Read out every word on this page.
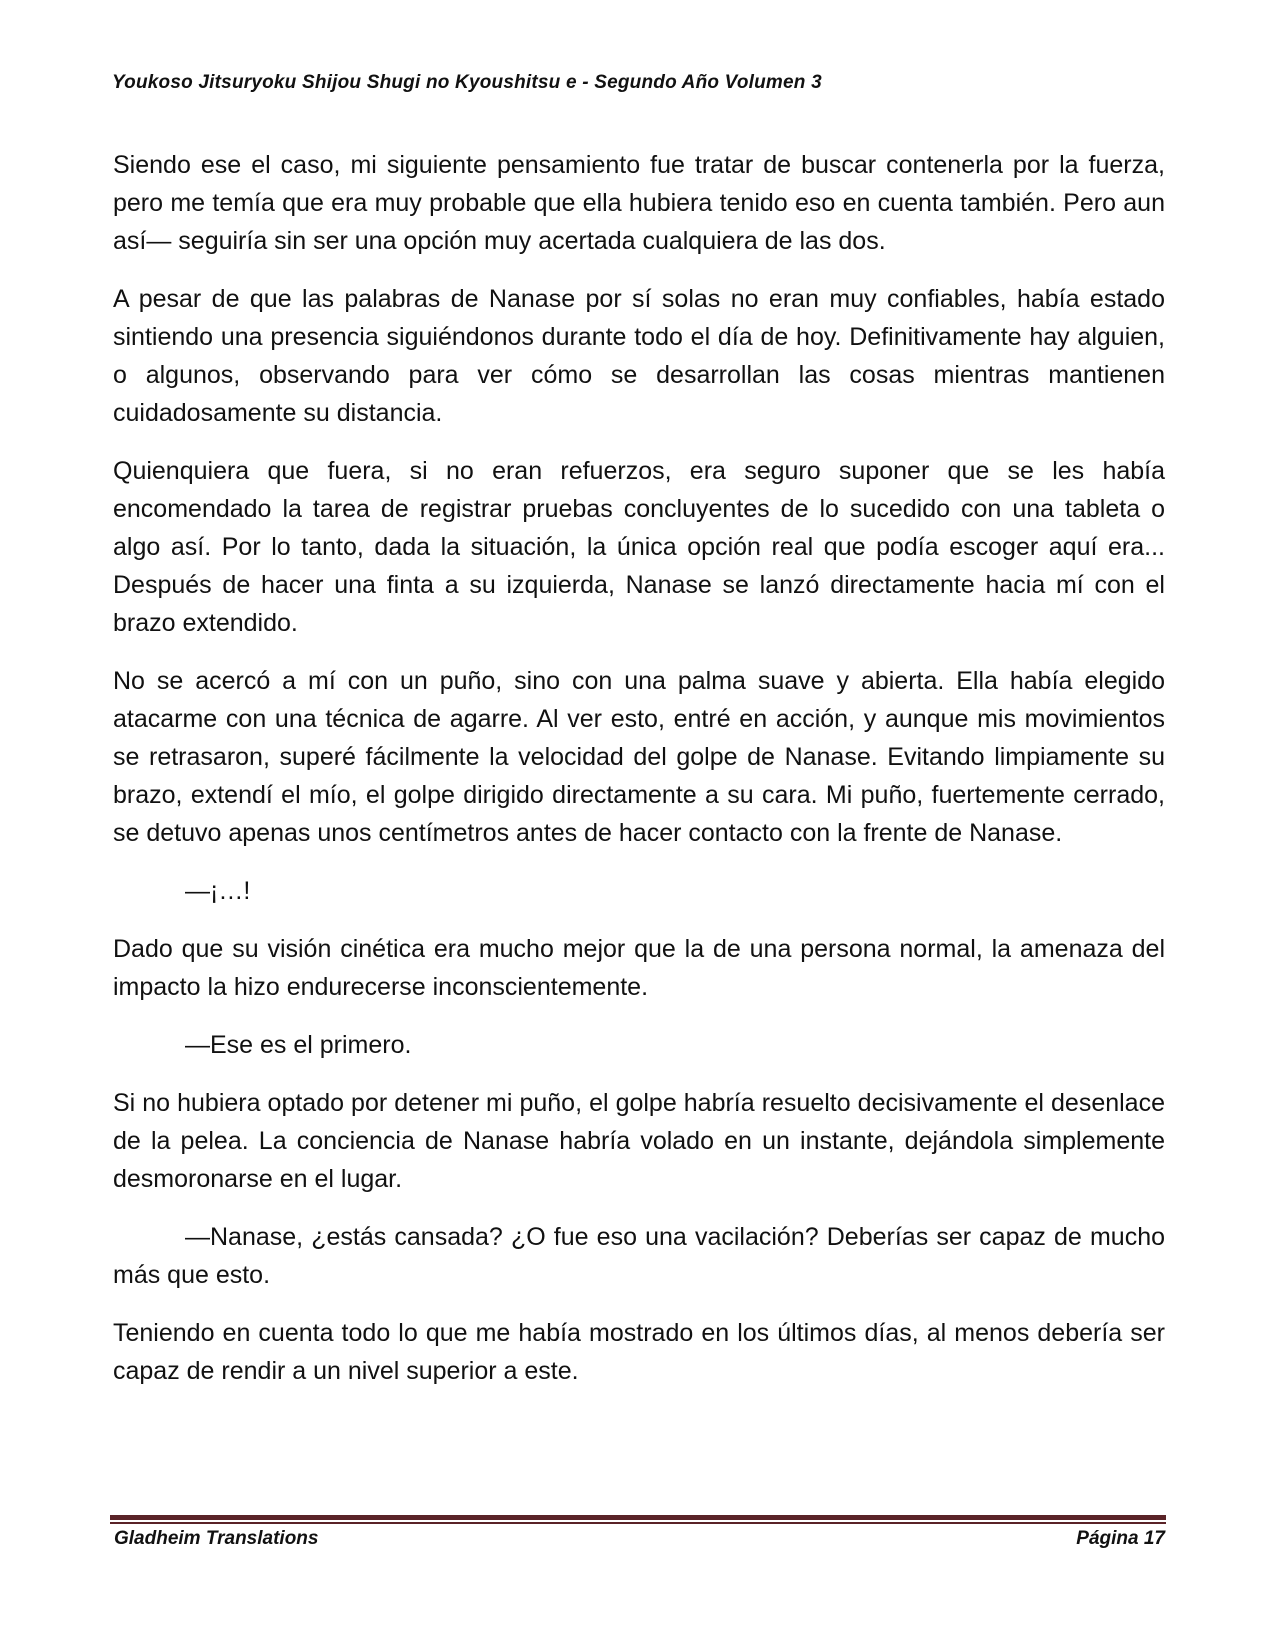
Youkoso Jitsuryoku Shijou Shugi no Kyoushitsu e - Segundo Año Volumen 3

Siendo ese el caso, mi siguiente pensamiento fue tratar de buscar contenerla por la fuerza, pero me temía que era muy probable que ella hubiera tenido eso en cuenta también. Pero aun así— seguiría sin ser una opción muy acertada cualquiera de las dos.

A pesar de que las palabras de Nanase por sí solas no eran muy confiables, había estado sintiendo una presencia siguiéndonos durante todo el día de hoy. Definitivamente hay alguien, o algunos, observando para ver cómo se desarrollan las cosas mientras mantienen cuidadosamente su distancia.

Quienquiera que fuera, si no eran refuerzos, era seguro suponer que se les había encomendado la tarea de registrar pruebas concluyentes de lo sucedido con una tableta o algo así. Por lo tanto, dada la situación, la única opción real que podía escoger aquí era... Después de hacer una finta a su izquierda, Nanase se lanzó directamente hacia mí con el brazo extendido.

No se acercó a mí con un puño, sino con una palma suave y abierta. Ella había elegido atacarme con una técnica de agarre. Al ver esto, entré en acción, y aunque mis movimientos se retrasaron, superé fácilmente la velocidad del golpe de Nanase. Evitando limpiamente su brazo, extendí el mío, el golpe dirigido directamente a su cara. Mi puño, fuertemente cerrado, se detuvo apenas unos centímetros antes de hacer contacto con la frente de Nanase.

—¡…!

Dado que su visión cinética era mucho mejor que la de una persona normal, la amenaza del impacto la hizo endurecerse inconscientemente.

—Ese es el primero.

Si no hubiera optado por detener mi puño, el golpe habría resuelto decisivamente el desenlace de la pelea. La conciencia de Nanase habría volado en un instante, dejándola simplemente desmoronarse en el lugar.

—Nanase, ¿estás cansada? ¿O fue eso una vacilación? Deberías ser capaz de mucho más que esto.

Teniendo en cuenta todo lo que me había mostrado en los últimos días, al menos debería ser capaz de rendir a un nivel superior a este.

Gladheim Translations	Página 17
